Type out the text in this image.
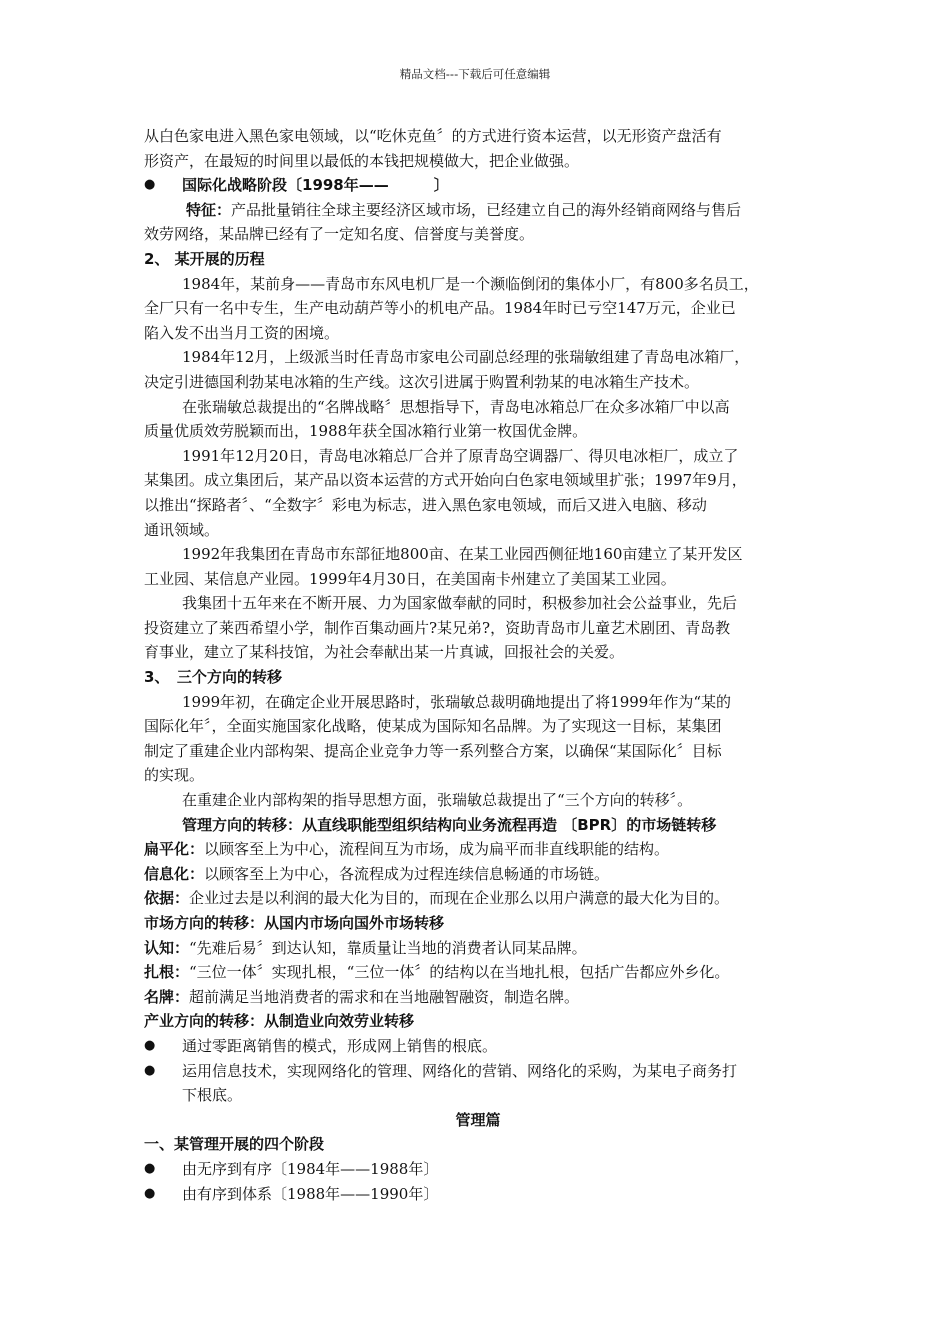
精品文档---下载后可任意编辑

从白色家电进入黑色家电领域，以“吃休克鱼〞的方式进行资本运营，以无形资产盘活有

形资产，在最短的时间里以最低的本钱把规模做大，把企业做强。

●	国际化战略阶段〔1998年——　　　〕

特征：产品批量销往全球主要经济区域市场，已经建立自己的海外经销商网络与售后

效劳网络，某品牌已经有了一定知名度、信誉度与美誉度。

2、 某开展的历程

1984年，某前身——青岛市东风电机厂是一个濒临倒闭的集体小厂，有800多名员工，

全厂只有一名中专生，生产电动葫芦等小的机电产品。1984年时已亏空147万元，企业已

陷入发不出当月工资的困境。

1984年12月，上级派当时任青岛市家电公司副总经理的张瑞敏组建了青岛电冰箱厂，

决定引进德国利勃某电冰箱的生产线。这次引进属于购置利勃某的电冰箱生产技术。

在张瑞敏总裁提出的“名牌战略〞思想指导下，青岛电冰箱总厂在众多冰箱厂中以高

质量优质效劳脱颖而出，1988年获全国冰箱行业第一枚国优金牌。

1991年12月20日，青岛电冰箱总厂合并了原青岛空调器厂、得贝电冰柜厂，成立了

某集团。成立集团后，某产品以资本运营的方式开始向白色家电领域里扩张；1997年9月，

以推出“探路者〞、“全数字〞彩电为标志，进入黑色家电领域，而后又进入电脑、移动

通讯领域。

1992年我集团在青岛市东部征地800亩、在某工业园西侧征地160亩建立了某开发区

工业园、某信息产业园。1999年4月30日，在美国南卡州建立了美国某工业园。

我集团十五年来在不断开展、力为国家做奉献的同时，积极参加社会公益事业，先后

投资建立了莱西希望小学，制作百集动画片?某兄弟?，资助青岛市儿童艺术剧团、青岛教

育事业，建立了某科技馆，为社会奉献出某一片真诚，回报社会的关爱。

3、　三个方向的转移

1999年初，在确定企业开展思路时，张瑞敏总裁明确地提出了将1999年作为“某的

国际化年〞，全面实施国家化战略，使某成为国际知名品牌。为了实现这一目标，某集团

制定了重建企业内部构架、提高企业竞争力等一系列整合方案，以确保“某国际化〞目标

的实现。

在重建企业内部构架的指导思想方面，张瑞敏总裁提出了“三个方向的转移〞。

管理方向的转移：从直线职能型组织结构向业务流程再造 〔BPR〕的市场链转移

扁平化：以顾客至上为中心，流程间互为市场，成为扁平而非直线职能的结构。

信息化：以顾客至上为中心，各流程成为过程连续信息畅通的市场链。

依据：企业过去是以利润的最大化为目的，而现在企业那么以用户满意的最大化为目的。

市场方向的转移：从国内市场向国外市场转移

认知：“先难后易〞到达认知，靠质量让当地的消费者认同某品牌。

扎根：“三位一体〞实现扎根，“三位一体〞的结构以在当地扎根，包括广告都应外乡化。

名牌：超前满足当地消费者的需求和在当地融智融资，制造名牌。

产业方向的转移：从制造业向效劳业转移

●	通过零距离销售的模式，形成网上销售的根底。

●	运用信息技术，实现网络化的管理、网络化的营销、网络化的采购，为某电子商务打

下根底。

管理篇

一、某管理开展的四个阶段

●	由无序到有序〔1984年——1988年〕

●	由有序到体系〔1988年——1990年〕
